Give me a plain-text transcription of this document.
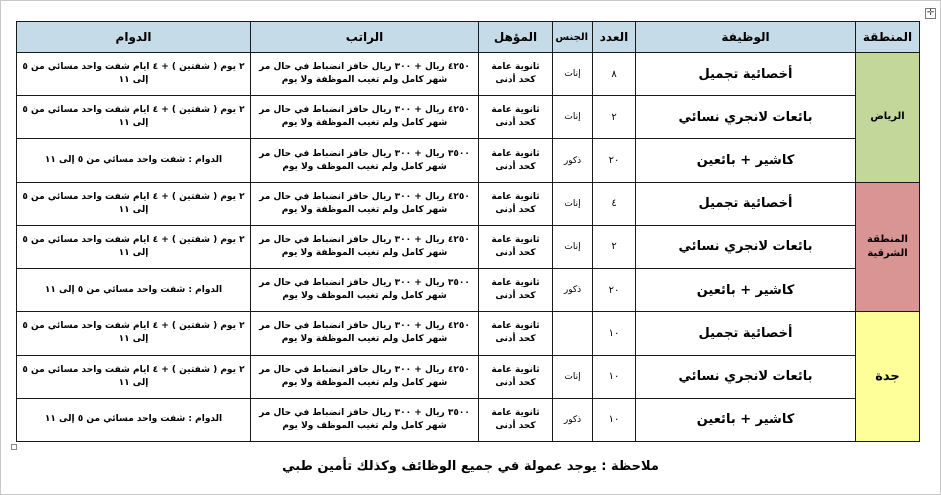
✛
المنطقة	الوظيفة	العدد	الجنس	المؤهل	الراتب	الدوام
الرياض	أخصائية تجميل	٨	إنات	ثانوية عامة كحد أدنى	٤٢٥٠ ريال + ٣٠٠ ريال حافز انضباط في حال مر شهر كامل ولم تغيب الموظفة ولا يوم	٢ يوم ( شفتين ) + ٤ ايام شفت واحد مسائي من ٥ إلى ١١
	بائعات لانجري نسائي	٢	إنات	ثانوية عامة كحد أدنى	٤٢٥٠ ريال + ٣٠٠ ريال حافز انضباط في حال مر شهر كامل ولم تغيب الموظفة ولا يوم	٢ يوم ( شفتين ) + ٤ ايام شفت واحد مسائي من ٥ إلى ١١
	كاشير + بائعين	٢٠	ذكور	ثانوية عامة كحد أدنى	٣٥٠٠ ريال + ٣٠٠ ريال حافز انضباط في حال مر شهر كامل ولم تغيب الموظف ولا يوم	الدوام : شفت واحد مسائي من ٥ إلى ١١
المنطقة الشرقية	أخصائية تجميل	٤	إنات	ثانوية عامة كحد أدنى	٤٢٥٠ ريال + ٣٠٠ ريال حافز انضباط في حال مر شهر كامل ولم تغيب الموظفة ولا يوم	٢ يوم ( شفتين ) + ٤ ايام شفت واحد مسائي من ٥ إلى ١١
	بائعات لانجري نسائي	٢	إنات	ثانوية عامة كحد أدنى	٤٢٥٠ ريال + ٣٠٠ ريال حافز انضباط في حال مر شهر كامل ولم تغيب الموظفة ولا يوم	٢ يوم ( شفتين ) + ٤ ايام شفت واحد مسائي من ٥ إلى ١١
	كاشير + بائعين	٢٠	ذكور	ثانوية عامة كحد أدنى	٣٥٠٠ ريال + ٣٠٠ ريال حافز انضباط في حال مر شهر كامل ولم تغيب الموظف ولا يوم	الدوام : شفت واحد مسائي من ٥ إلى ١١
جدة	أخصائية تجميل	١٠		ثانوية عامة كحد أدنى	٤٢٥٠ ريال + ٣٠٠ ريال حافز انضباط في حال مر شهر كامل ولم تغيب الموظفة ولا يوم	٢ يوم ( شفتين ) + ٤ ايام شفت واحد مسائي من ٥ إلى ١١
	بائعات لانجري نسائي	١٠	إنات	ثانوية عامة كحد أدنى	٤٢٥٠ ريال + ٣٠٠ ريال حافز انضباط في حال مر شهر كامل ولم تغيب الموظفة ولا يوم	٢ يوم ( شفتين ) + ٤ ايام شفت واحد مسائي من ٥ إلى ١١
	كاشير + بائعين	١٠	ذكور	ثانوية عامة كحد أدنى	٣٥٠٠ ريال + ٣٠٠ ريال حافز انضباط في حال مر شهر كامل ولم تغيب الموظف ولا يوم	الدوام : شفت واحد مسائي من ٥ إلى ١١
ملاحظة : يوجد عمولة في جميع الوظائف وكذلك تأمين طبي
